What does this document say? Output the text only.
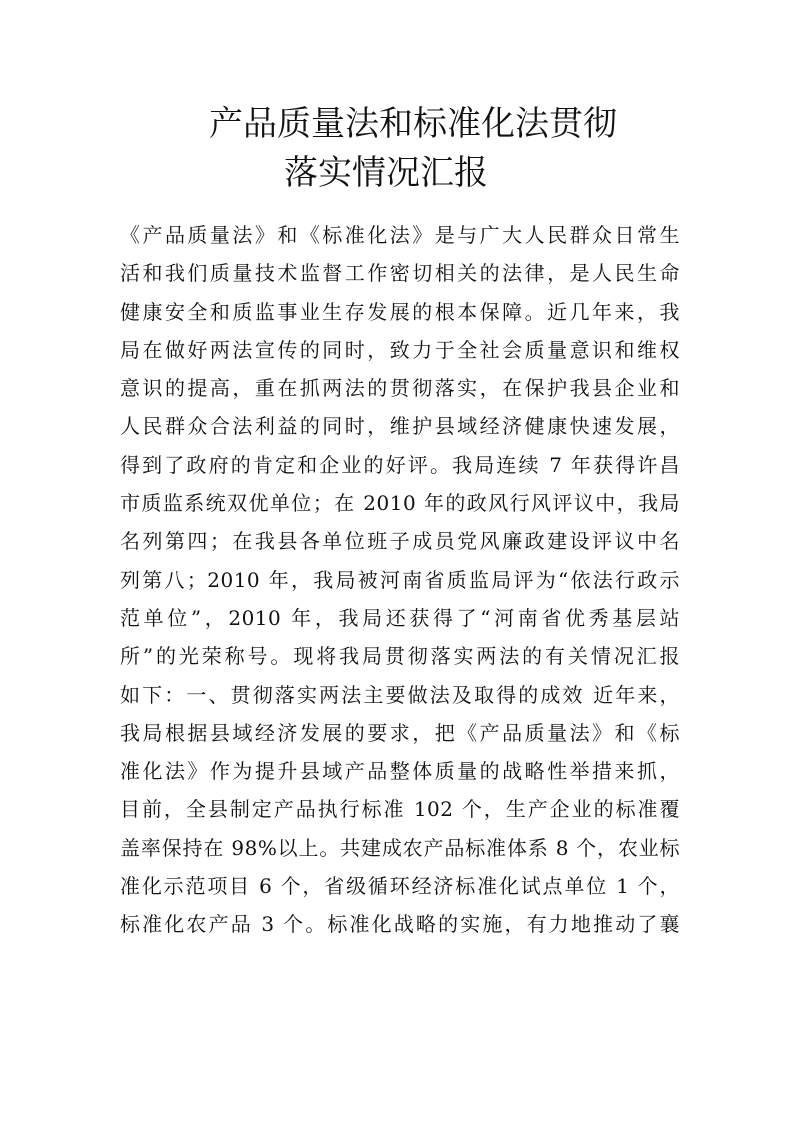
产品质量法和标准化法贯彻
落实情况汇报
《产品质量法》和《标准化法》是与广大人民群众日常生
活和我们质量技术监督工作密切相关的法律，是人民生命
健康安全和质监事业生存发展的根本保障。近几年来，我
局在做好两法宣传的同时，致力于全社会质量意识和维权
意识的提高，重在抓两法的贯彻落实，在保护我县企业和
人民群众合法利益的同时，维护县域经济健康快速发展，
得到了政府的肯定和企业的好评。我局连续 7 年获得许昌
市质监系统双优单位；在 2010 年的政风行风评议中，我局
名列第四；在我县各单位班子成员党风廉政建设评议中名
列第八；2010 年，我局被河南省质监局评为“依法行政示
范单位”，2010 年，我局还获得了“河南省优秀基层站
所”的光荣称号。现将我局贯彻落实两法的有关情况汇报
如下：一、贯彻落实两法主要做法及取得的成效 近年来，
我局根据县域经济发展的要求，把《产品质量法》和《标
准化法》作为提升县域产品整体质量的战略性举措来抓，
目前，全县制定产品执行标准 102 个，生产企业的标准覆
盖率保持在 98%以上。共建成农产品标准体系 8 个，农业标
准化示范项目 6 个，省级循环经济标准化试点单位 1 个，
标准化农产品 3 个。标准化战略的实施，有力地推动了襄
